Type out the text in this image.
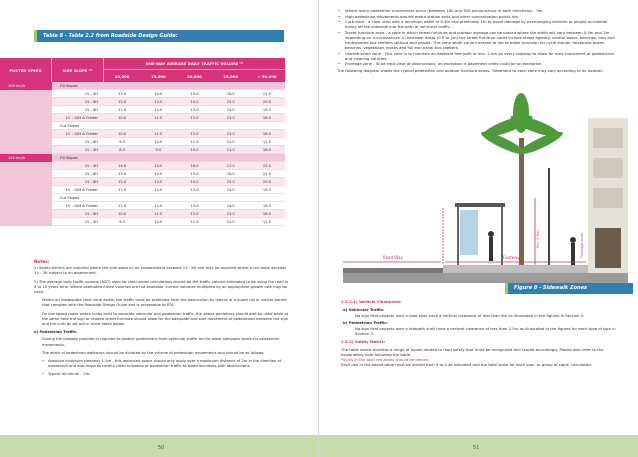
Table 8 - Table 2.2 from Roadside Design Guide:
POSTED SPEED	SIDE SLOPE ⁽¹⁾
ONE-WAY AVERAGE DAILY TRAFFIC VOLUME ⁽²⁾
10,000	15,000	20,000	25,000	> 50,000
100 km/h	Fill Slopes
1V : 5H	13.0	14.0	15.0	16.0	21.0
1V : 6H	12.0	13.0	14.0	15.0	20.0
1V : 8H	11.0	12.0	13.0	14.0	19.0
1V : 10H & Flatter	10.0	11.0	12.0	13.0	18.0
Cut Slopes
1V : 10H & Flatter	10.0	11.0	12.0	13.0	18.0
1V : 6H	9.0	10.0	11.0	12.0	17.0
1V : 5H	8.0	9.0	10.0	11.0	16.0
120 km/h	Fill Slopes
1V : 5H	14.0	15.0	16.0	17.0	22.0
1V : 6H	13.0	14.0	15.0	16.0	21.0
1V : 8H	12.0	13.0	14.0	15.0	20.0
1V : 10H & Flatter	11.0	12.0	13.0	14.0	19.0
Cut Slopes
1V : 10H & Flatter	11.0	12.0	13.0	14.0	19.0
1V : 6H	10.0	11.0	12.0	13.0	18.0
1V : 5H	9.0	10.0	11.0	12.0	17.0
Notes:
1) Safety bariers are required where the side slope on an embankment exceeds 1V : 5H and may be required where a cut slope exceeds 1V : 3H subject to an assessment.
2) The average daily traffic volume (ADT) used for clear zones calculations should be the traffic volume estimated to be using the road in 5 to 10 years time. Where estimated future volumes are not available, current volumes multiplied by an appropriate growth rate may be used.
Where an inadequate clear zone exists, the traffic must be protected from the obstruction by means of a guard rail or similar barrier that complies with the Roadside Design Guide and is acceptable to RTA.
On low speed roads where curbs exist to separate vehicular and pedestrian traffic, the above guidelines should also be used while at the same time the sign or related street furniture should allow for the adequate and safe movement of pedestrians between the sign and the curb as set out in more detail below.
e) Pedestrian Traffic:
Zoning the footway provides is required to protect pedestrians from vehicular traffic and to allow adequate space for pedestrian movements.
The width of pedestrian walkways should be dictated by the volume of pedestrian movements and should be as follows:
• Absolute minimum clearway 1.5m - this restricted space should only apply over a maximum distance of 2m in the direction of movement and also requires careful clean relization of pedestrian traffic to avoid accidents with obstructions.
• Typical minimum – 2m.
50
• Where many pedestrian movements occur (between 180 and 300 persons/hour in both directions) - 3m.
• High pedestrian movements around metro station exits and other concentration points 4m.
• Curb zone - a clear strip with a minimum width of 0.5m and preferably 1m to avoid damage by overhanging vehicles or people accidental falling off the sidewalk into the path of vehicular traffic.
• Street furniture zone - a zone in which street furniture and outdoor signage can be placed where the width will vary between 0.5m and 2m depending on circumstances. In narrower areas (0.5 to 2m) the street furniture could include street lighting, control boxes, benches, bins and cantilevered bus shelters without end panels. This zone width could increase to 4m to make provision for cycle stands, telephone boxes, benches, vegetation, kiosks and full end panel bus shelters.
• Unobstructed zone - This zone is to maintain an obstacle free path of min. 2.0m on every footway to allow for easy movement of pedestrians and cleaning vehicles.
• Frontage zone - To be kept clear of obstructions, an exception is pavement cafes could be an exception.
The following diagram shows the typical pedestrian and outdoor furniture zones. Treatment to each zone may vary according to its location.
Road Way	Footway
Min. 2.5m	Frontage zone
Figure 8 - Sidewalk Zones
2.5.2.1) Vertical Clearances:
a) Vehicular Traffic:
No sign that projects over a road shall have a vertical clearance of less than 6m as illustrated in the figures in Section 3.
b) Pedestrian Traffic:
No sign that projects over a footpath shall have a vertical clearance of less than 2.5m as illustrated in the figures for each type of sign in Section 3.
2.5.2) Safety Matrix:
The table below provides a range of issues related to road safety that must be recognized and scored accordingly. Please also refer to the explanatory note following the table.
*Signs in the bold red zones should be denied.
Each row in the above table must be scored from 0 to 4 as indicated and the total score for each sign, or group of signs, calculated.
51
